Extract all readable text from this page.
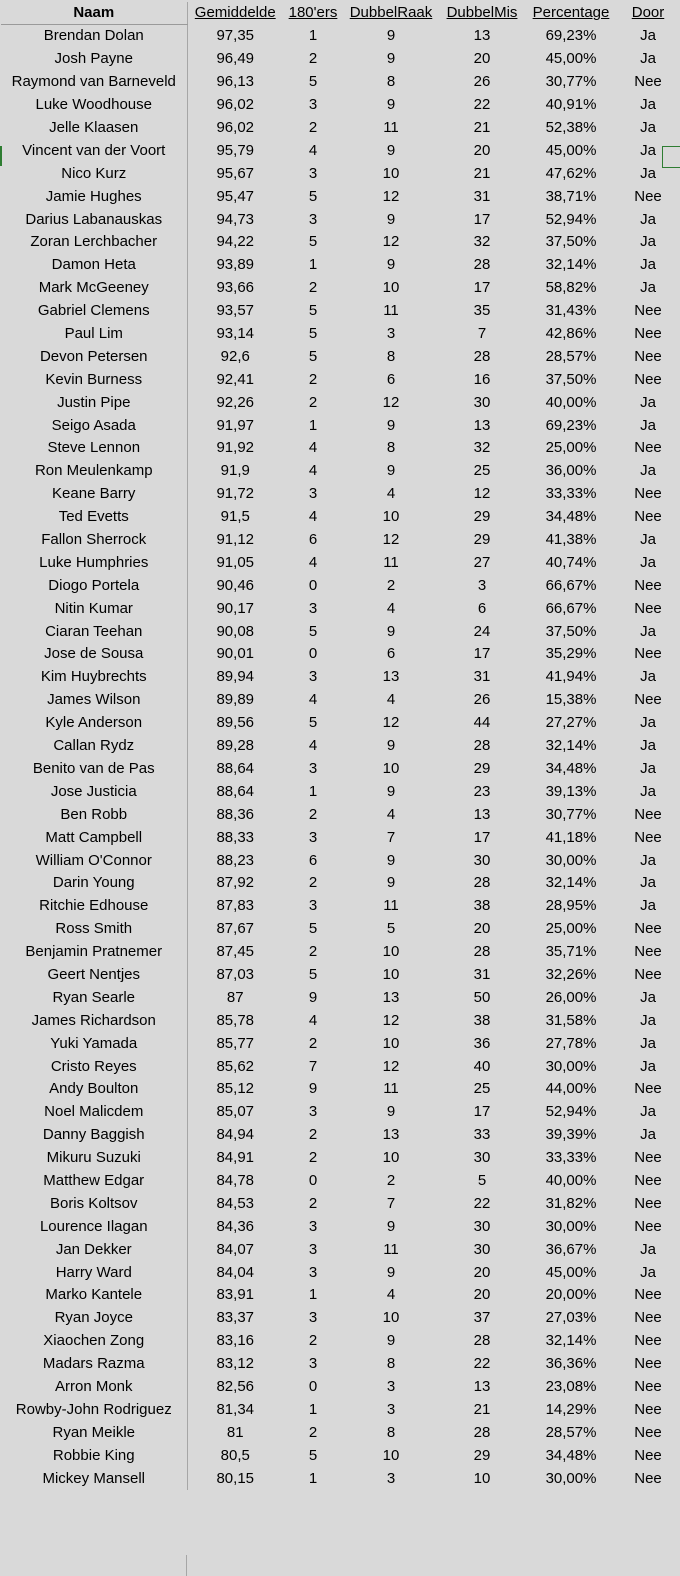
Naam	Gemiddelde	180'ers	DubbelRaak	DubbelMis	Percentage	Door
Brendan Dolan	97,35	1	9	13	69,23%	Ja
Josh Payne	96,49	2	9	20	45,00%	Ja
Raymond van Barneveld	96,13	5	8	26	30,77%	Nee
Luke Woodhouse	96,02	3	9	22	40,91%	Ja
Jelle Klaasen	96,02	2	11	21	52,38%	Ja
Vincent van der Voort	95,79	4	9	20	45,00%	Ja
Nico Kurz	95,67	3	10	21	47,62%	Ja
Jamie Hughes	95,47	5	12	31	38,71%	Nee
Darius Labanauskas	94,73	3	9	17	52,94%	Ja
Zoran Lerchbacher	94,22	5	12	32	37,50%	Ja
Damon Heta	93,89	1	9	28	32,14%	Ja
Mark McGeeney	93,66	2	10	17	58,82%	Ja
Gabriel Clemens	93,57	5	11	35	31,43%	Nee
Paul Lim	93,14	5	3	7	42,86%	Nee
Devon Petersen	92,6	5	8	28	28,57%	Nee
Kevin Burness	92,41	2	6	16	37,50%	Nee
Justin Pipe	92,26	2	12	30	40,00%	Ja
Seigo Asada	91,97	1	9	13	69,23%	Ja
Steve Lennon	91,92	4	8	32	25,00%	Nee
Ron Meulenkamp	91,9	4	9	25	36,00%	Ja
Keane Barry	91,72	3	4	12	33,33%	Nee
Ted Evetts	91,5	4	10	29	34,48%	Nee
Fallon Sherrock	91,12	6	12	29	41,38%	Ja
Luke Humphries	91,05	4	11	27	40,74%	Ja
Diogo Portela	90,46	0	2	3	66,67%	Nee
Nitin Kumar	90,17	3	4	6	66,67%	Nee
Ciaran Teehan	90,08	5	9	24	37,50%	Ja
Jose de Sousa	90,01	0	6	17	35,29%	Nee
Kim Huybrechts	89,94	3	13	31	41,94%	Ja
James Wilson	89,89	4	4	26	15,38%	Nee
Kyle Anderson	89,56	5	12	44	27,27%	Ja
Callan Rydz	89,28	4	9	28	32,14%	Ja
Benito van de Pas	88,64	3	10	29	34,48%	Ja
Jose Justicia	88,64	1	9	23	39,13%	Ja
Ben Robb	88,36	2	4	13	30,77%	Nee
Matt Campbell	88,33	3	7	17	41,18%	Nee
William O'Connor	88,23	6	9	30	30,00%	Ja
Darin Young	87,92	2	9	28	32,14%	Ja
Ritchie Edhouse	87,83	3	11	38	28,95%	Ja
Ross Smith	87,67	5	5	20	25,00%	Nee
Benjamin Pratnemer	87,45	2	10	28	35,71%	Nee
Geert Nentjes	87,03	5	10	31	32,26%	Nee
Ryan Searle	87	9	13	50	26,00%	Ja
James Richardson	85,78	4	12	38	31,58%	Ja
Yuki Yamada	85,77	2	10	36	27,78%	Ja
Cristo Reyes	85,62	7	12	40	30,00%	Ja
Andy Boulton	85,12	9	11	25	44,00%	Nee
Noel Malicdem	85,07	3	9	17	52,94%	Ja
Danny Baggish	84,94	2	13	33	39,39%	Ja
Mikuru Suzuki	84,91	2	10	30	33,33%	Nee
Matthew Edgar	84,78	0	2	5	40,00%	Nee
Boris Koltsov	84,53	2	7	22	31,82%	Nee
Lourence Ilagan	84,36	3	9	30	30,00%	Nee
Jan Dekker	84,07	3	11	30	36,67%	Ja
Harry Ward	84,04	3	9	20	45,00%	Ja
Marko Kantele	83,91	1	4	20	20,00%	Nee
Ryan Joyce	83,37	3	10	37	27,03%	Nee
Xiaochen Zong	83,16	2	9	28	32,14%	Nee
Madars Razma	83,12	3	8	22	36,36%	Nee
Arron Monk	82,56	0	3	13	23,08%	Nee
Rowby-John Rodriguez	81,34	1	3	21	14,29%	Nee
Ryan Meikle	81	2	8	28	28,57%	Nee
Robbie King	80,5	5	10	29	34,48%	Nee
Mickey Mansell	80,15	1	3	10	30,00%	Nee
